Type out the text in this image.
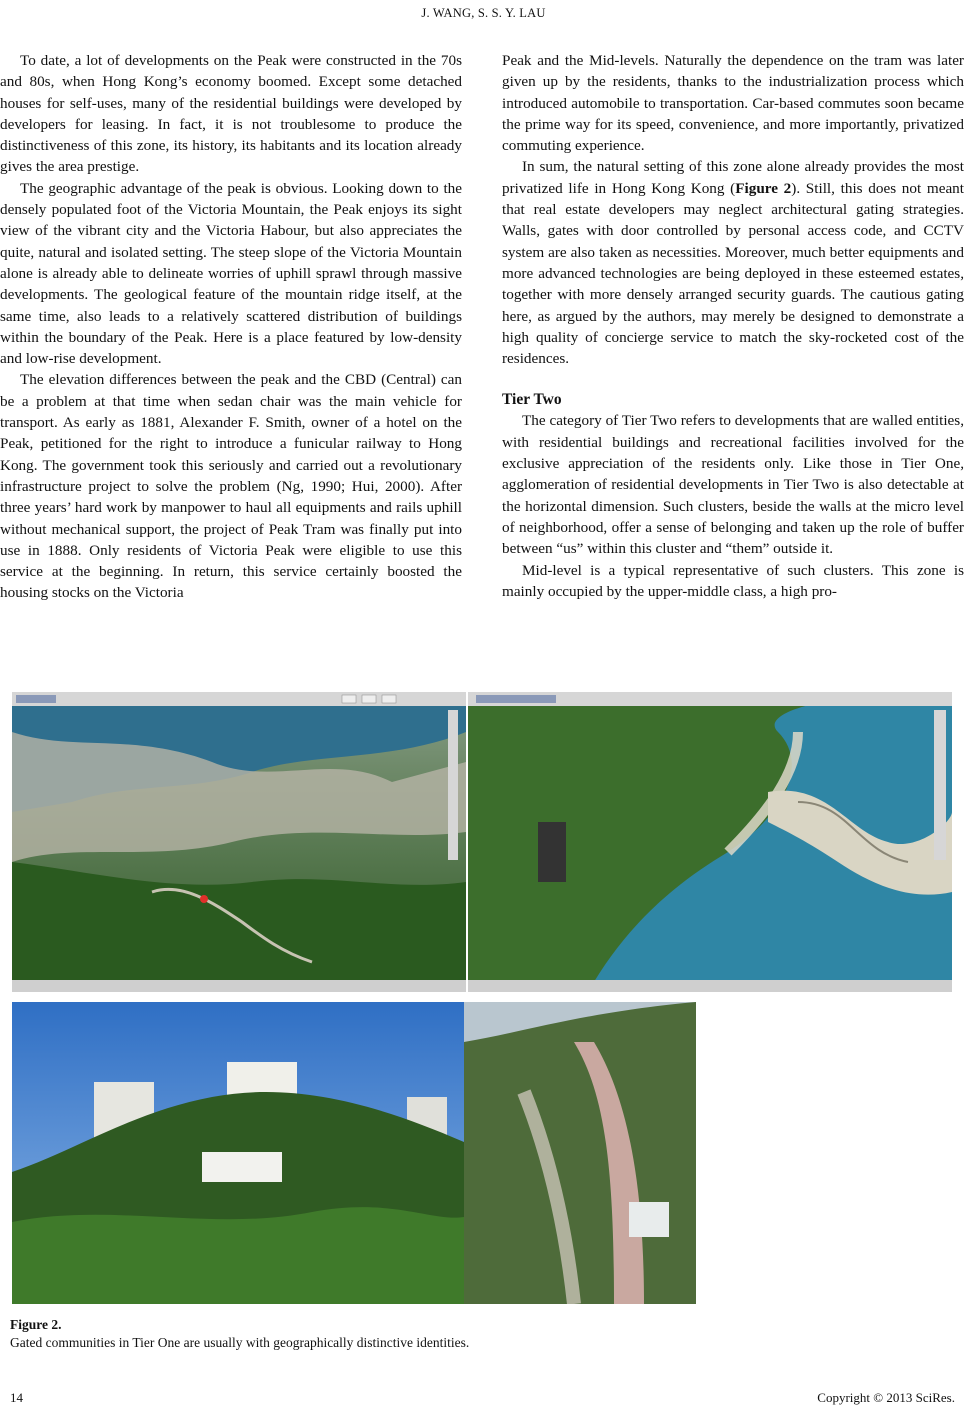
J. WANG, S. S. Y. LAU

To date, a lot of developments on the Peak were constructed in the 70s and 80s, when Hong Kong’s economy boomed. Except some detached houses for self-uses, many of the residential buildings were developed by developers for leasing. In fact, it is not troublesome to produce the distinctiveness of this zone, its history, its habitants and its location already gives the area prestige.

The geographic advantage of the peak is obvious. Looking down to the densely populated foot of the Victoria Mountain, the Peak enjoys its sight view of the vibrant city and the Victoria Habour, but also appreciates the quite, natural and isolated setting. The steep slope of the Victoria Mountain alone is already able to delineate worries of uphill sprawl through massive developments. The geological feature of the mountain ridge itself, at the same time, also leads to a relatively scattered distribution of buildings within the boundary of the Peak. Here is a place featured by low-density and low-rise development.

The elevation differences between the peak and the CBD (Central) can be a problem at that time when sedan chair was the main vehicle for transport. As early as 1881, Alexander F. Smith, owner of a hotel on the Peak, petitioned for the right to introduce a funicular railway to Hong Kong. The government took this seriously and carried out a revolutionary infrastructure project to solve the problem (Ng, 1990; Hui, 2000). After three years’ hard work by manpower to haul all equipments and rails uphill without mechanical support, the project of Peak Tram was finally put into use in 1888. Only residents of Victoria Peak were eligible to use this service at the beginning. In return, this service certainly boosted the housing stocks on the Victoria

Peak and the Mid-levels. Naturally the dependence on the tram was later given up by the residents, thanks to the industrialization process which introduced automobile to transportation. Car-based commutes soon became the prime way for its speed, convenience, and more importantly, privatized commuting experience.

In sum, the natural setting of this zone alone already provides the most privatized life in Hong Kong Kong (Figure 2). Still, this does not meant that real estate developers may neglect architectural gating strategies. Walls, gates with door controlled by personal access code, and CCTV system are also taken as necessities. Moreover, much better equipments and more advanced technologies are being deployed in these esteemed estates, together with more densely arranged security guards. The cautious gating here, as argued by the authors, may merely be designed to demonstrate a high quality of concierge service to match the sky-rocketed cost of the residences.

Tier Two

The category of Tier Two refers to developments that are walled entities, with residential buildings and recreational facilities involved for the exclusive appreciation of the residents only. Like those in Tier One, agglomeration of residential developments in Tier Two is also detectable at the horizontal dimension. Such clusters, beside the walls at the micro level of neighborhood, offer a sense of belonging and taken up the role of buffer between “us” within this cluster and “them” outside it.

Mid-level is a typical representative of such clusters. This zone is mainly occupied by the upper-middle class, a high pro-

Figure 2.
Gated communities in Tier One are usually with geographically distinctive identities.
14	Copyright © 2013 SciRes.
